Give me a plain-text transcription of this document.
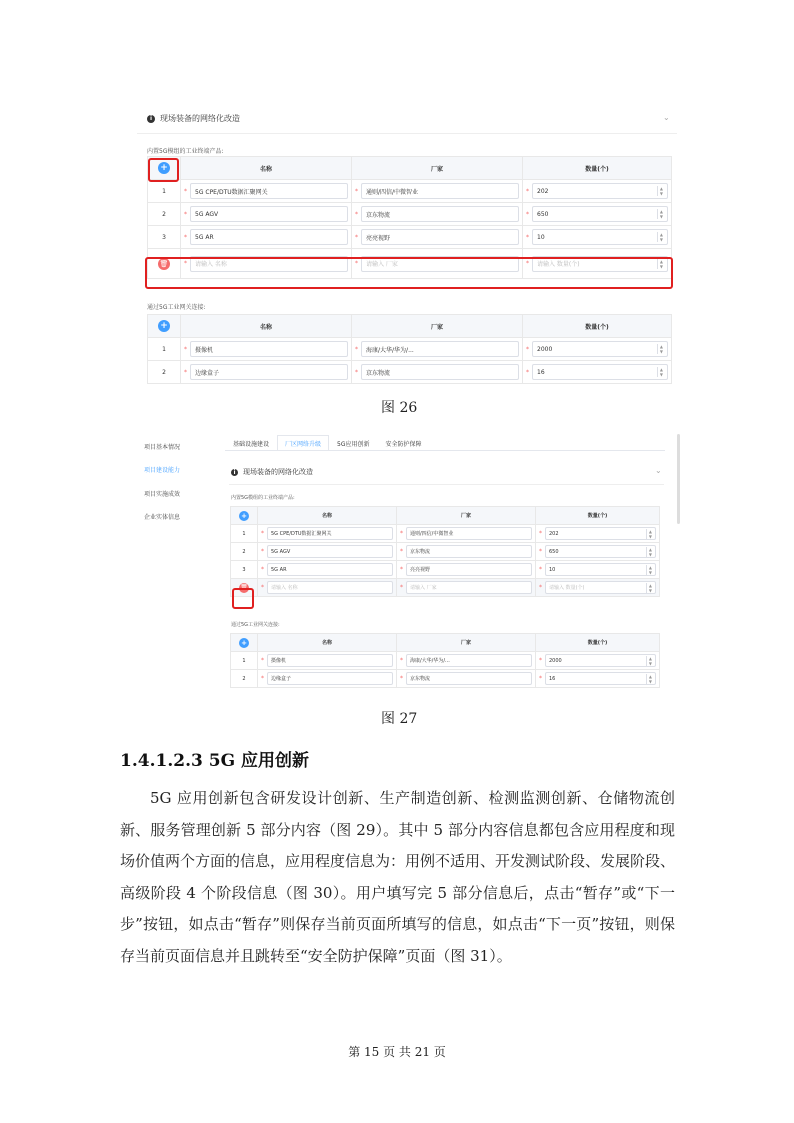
i 现场装备的网络化改造	⌄
内置5G模组的工业终端产品:
+	名称	厂家	数量(个)
1	* 5G CPE/DTU数据汇聚网关	* 通则/四信/中微智业	* 202 ▲
▼

2	* 5G AGV	* 京东物流	* 650 ▲
▼

3	* 5G AR	* 亮亮视野	* 10 ▲
▼

🗑	* 请输入 名称	* 请输入 厂家	* 请输入 数量(个) ▲
▼
通过5G工业网关连接:
+	名称	厂家	数量(个)
1	* 摄像机	* 海康/大华/华为/...	* 2000 ▲
▼

2	* 边缘盒子	* 京东物流	* 16 ▲
▼
图 26
项目基本情况
项目建设能力
项目实施成效
企业实体信息
基础设施建设	厂区网络升级	5G应用创新	安全防护保障
i	现场装备的网络化改造	⌄
内置5G模组的工业终端产品:
+	名称	厂家	数量(个)
1	* 5G CPE/DTU数据汇聚网关	* 通则/四信/中微智业	* 202 ▲
▼

2	* 5G AGV	* 京东物流	* 650 ▲
▼

3	* 5G AR	* 亮亮视野	* 10 ▲
▼

🗑	* 请输入 名称	* 请输入 厂家	* 请输入 数量(个) ▲
▼
通过5G工业网关连接:
+	名称	厂家	数量(个)
1	* 摄像机	* 海康/大华/华为/...	* 2000 ▲
▼

2	* 边缘盒子	* 京东物流	* 16 ▲
▼
图 27
1.4.1.2.3 5G 应用创新
5G 应用创新包含研发设计创新、生产制造创新、检测监测创新、仓储物流创新、服务管理创新 5 部分内容（图 29）。其中 5 部分内容信息都包含应用程度和现场价值两个方面的信息，应用程度信息为：用例不适用、开发测试阶段、发展阶段、高级阶段 4 个阶段信息（图 30）。用户填写完 5 部分信息后，点击“暂存”或“下一步”按钮，如点击“暂存”则保存当前页面所填写的信息，如点击“下一页”按钮，则保存当前页面信息并且跳转至“安全防护保障”页面（图 31）。
第 15 页 共 21 页
